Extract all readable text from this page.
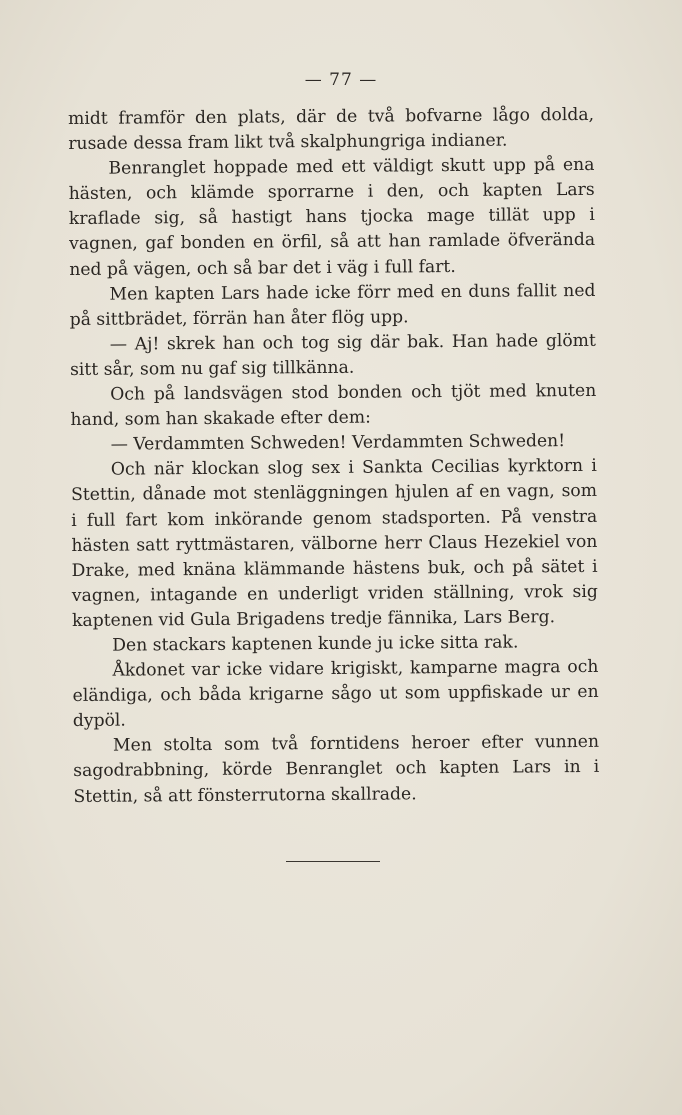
— 77 —

midt framför den plats, där de två bofvarne lågo dolda, rusade dessa fram likt två skalphungriga indianer.

Benranglet hoppade med ett väldigt skutt upp på ena hästen, och klämde sporrarne i den, och kapten Lars kraflade sig, så hastigt hans tjocka mage tillät upp i vagnen, gaf bonden en örfil, så att han ramlade öfverända ned på vägen, och så bar det i väg i full fart.

Men kapten Lars hade icke förr med en duns fallit ned på sittbrädet, förrän han åter flög upp.

— Aj! skrek han och tog sig där bak. Han hade glömt sitt sår, som nu gaf sig tillkänna.

Och på landsvägen stod bonden och tjöt med knuten hand, som han skakade efter dem:

— Verdammten Schweden! Verdammten Schweden!

Och när klockan slog sex i Sankta Cecilias kyrktorn i Stettin, dånade mot stenläggningen hjulen af en vagn, som i full fart kom inkörande genom stadsporten. På venstra hästen satt ryttmästaren, välborne herr Claus Hezekiel von Drake, med knäna klämmande hästens buk, och på sätet i vagnen, intagande en underligt vriden ställning, vrok sig kaptenen vid Gula Brigadens tredje fännika, Lars Berg.

Den stackars kaptenen kunde ju icke sitta rak.

Åkdonet var icke vidare krigiskt, kamparne magra och eländiga, och båda krigarne sågo ut som uppfiskade ur en dypöl.

Men stolta som två forntidens heroer efter vunnen sagodrabbning, körde Benranglet och kapten Lars in i Stettin, så att fönsterrutorna skallrade.
